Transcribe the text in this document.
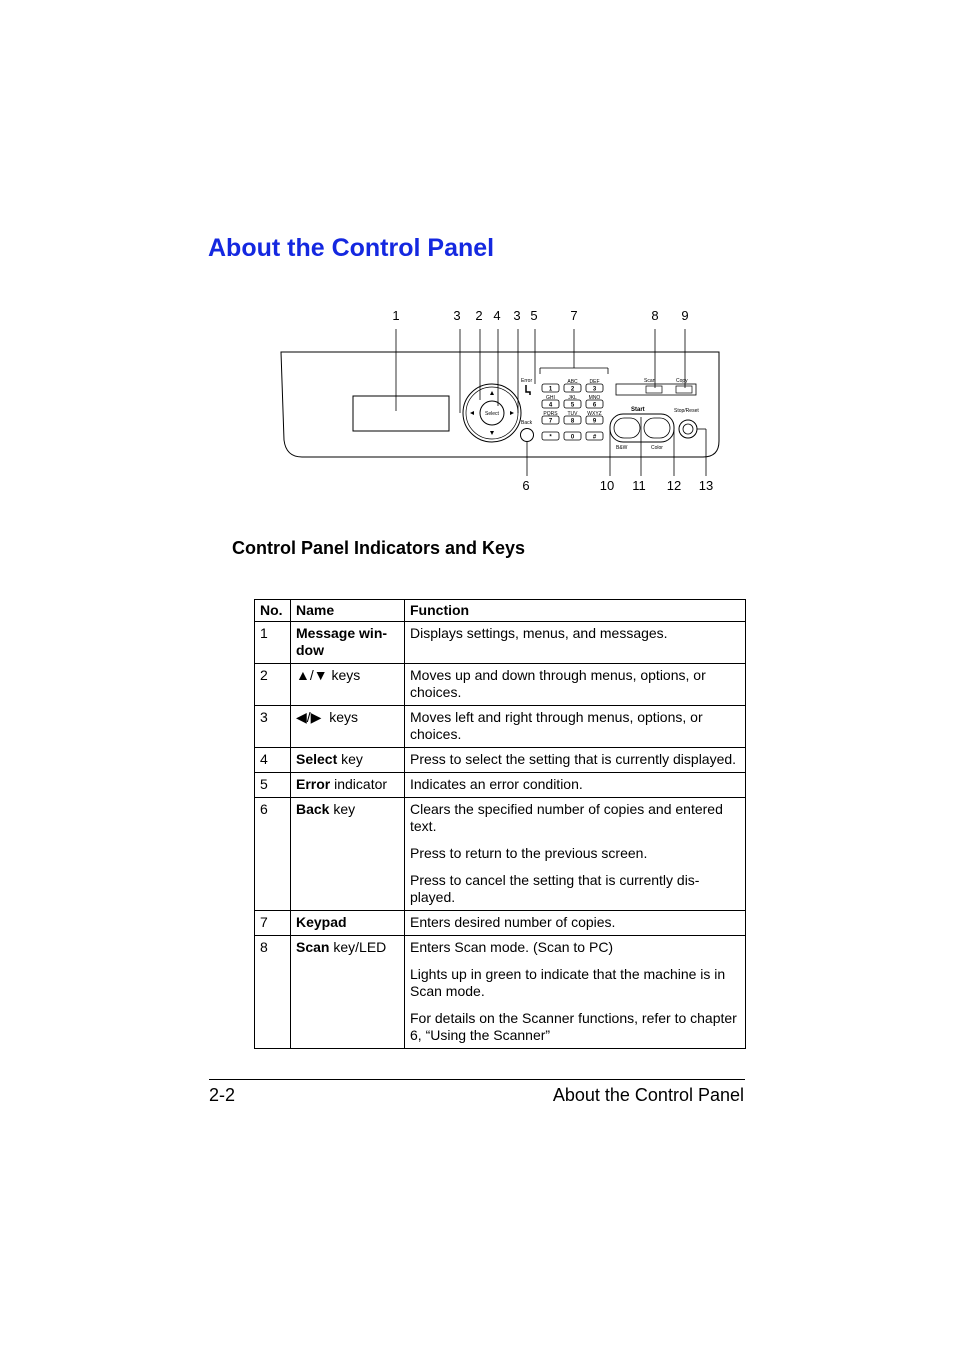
About the Control Panel
Select
Error
Back
Scan	Copy
Start
B&W	Color
Stop/Reset
1	3 2 4 3 5	7	8 9
6	10 11 12 13
1	2
ABC
3
DEF
4
GHI
5
JKL
6
MNO
7
PQRS
8
TUV
9
WXYZ
*	0	#
Control Panel Indicators and Keys
No.	Name	Function
1	Message win-dow	Displays settings, menus, and messages.

2	▲/▼ keys	Moves up and down through menus, options, or choices.

3	◀/▶  keys	Moves left and right through menus, options, or choices.

4	Select key	Press to select the setting that is currently displayed.

5	Error indicator	Indicates an error condition.

6	Back key	Clears the specified number of copies and entered text.

Press to return to the previous screen.

Press to cancel the setting that is currently dis-played.

7	Keypad	Enters desired number of copies.

8	Scan key/LED	Enters Scan mode. (Scan to PC)

Lights up in green to indicate that the machine is in Scan mode.

For details on the Scanner functions, refer to chapter 6, “Using the Scanner”

2-2	About the Control Panel
